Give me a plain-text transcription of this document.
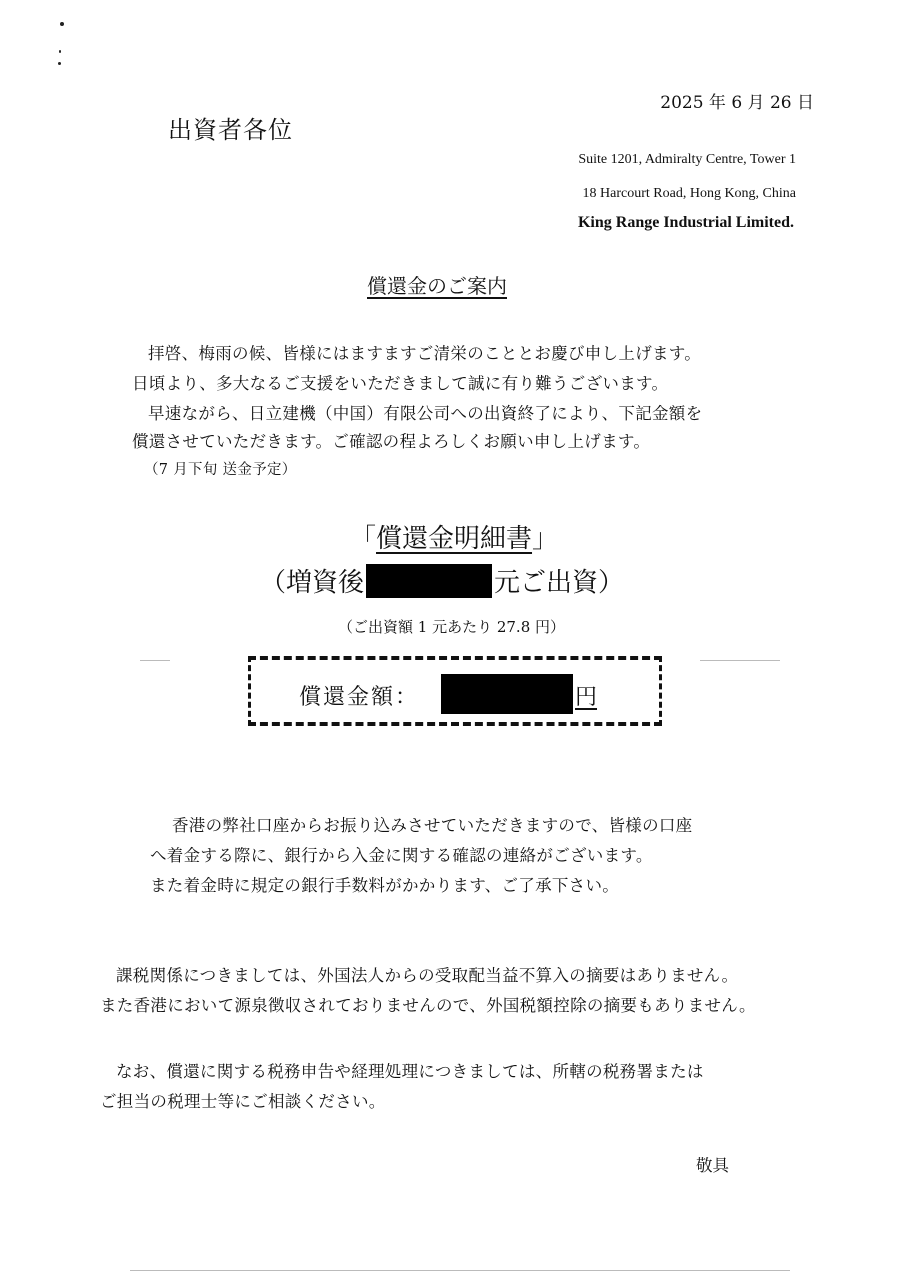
2025 年 6 月 26 日
出資者各位
Suite 1201, Admiralty Centre, Tower 1
18 Harcourt Road, Hong Kong, China
King Range Industrial Limited.
償還金のご案内
拝啓、梅雨の候、皆様にはますますご清栄のこととお慶び申し上げます。
日頃より、多大なるご支援をいただきまして誠に有り難うございます。
早速ながら、日立建機（中国）有限公司への出資終了により、下記金額を
償還させていただきます。ご確認の程よろしくお願い申し上げます。
（7 月下旬 送金予定）
「償還金明細書」
（増資後	元ご出資）
（ご出資額 1 元あたり 27.8 円）
償還金額：	円
香港の弊社口座からお振り込みさせていただきますので、皆様の口座
へ着金する際に、銀行から入金に関する確認の連絡がございます。
また着金時に規定の銀行手数料がかかります、ご了承下さい。
課税関係につきましては、外国法人からの受取配当益不算入の摘要はありません。
また香港において源泉徴収されておりませんので、外国税額控除の摘要もありません。
なお、償還に関する税務申告や経理処理につきましては、所轄の税務署または
ご担当の税理士等にご相談ください。
敬具
